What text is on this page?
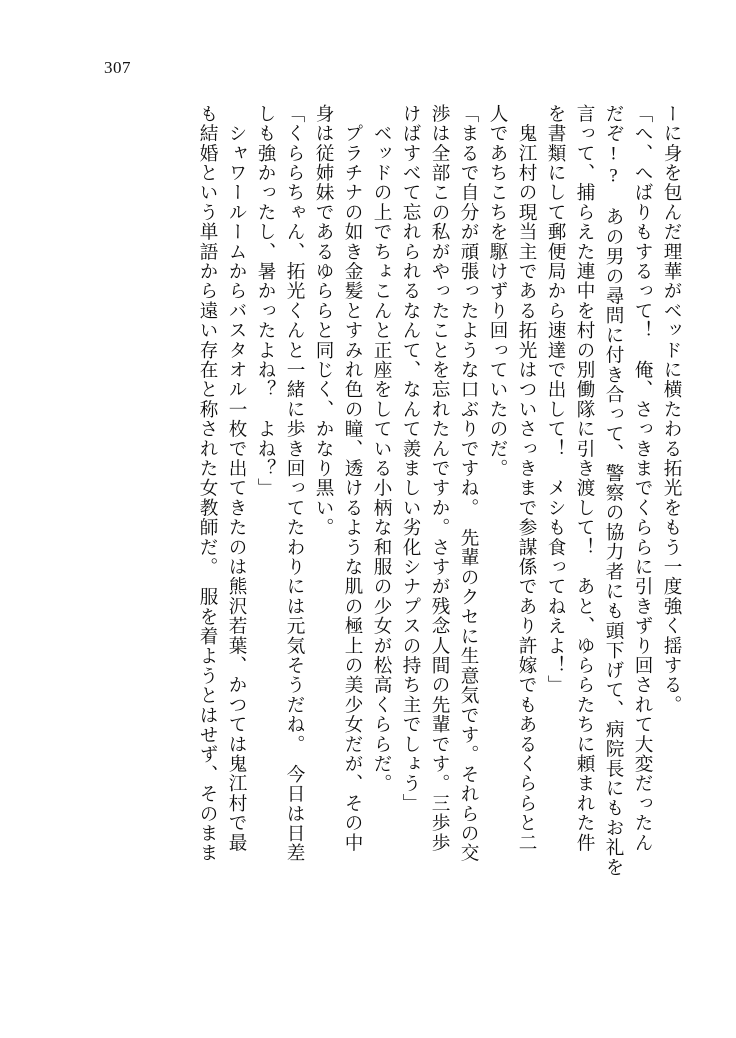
307
ーに身を包んだ理華がベッドに横たわる拓光をもう一度強く揺する。
「へ、へばりもするって！　俺、さっきまでくららに引きずり回されて大変だったん
だぞ!?　あの男の尋問に付き合って、警察の協力者にも頭下げて、病院長にもお礼を
言って、捕らえた連中を村の別働隊に引き渡して！　あと、ゆららたちに頼まれた件
を書類にして郵便局から速達で出して！　メシも食ってねえよ！」
　鬼江村の現当主である拓光はついさっきまで参謀係であり許嫁でもあるくららと二
人であちこちを駆けずり回っていたのだ。
「まるで自分が頑張ったような口ぶりですね。　先輩のクセに生意気です。それらの交
渉は全部この私がやったことを忘れたんですか。さすが残念人間の先輩です。三歩歩
けばすべて忘れられるなんて、なんて羨ましい劣化シナプスの持ち主でしょう」
　ベッドの上でちょこんと正座をしている小柄な和服の少女が松高くららだ。
　プラチナの如き金髪とすみれ色の瞳、透けるような肌の極上の美少女だが、その中
身は従姉妹であるゆららと同じく、かなり黒い。
「くららちゃん、拓光くんと一緒に歩き回ってたわりには元気そうだね。　今日は日差
しも強かったし、暑かったよね？　よね？」
　シャワールームからバスタオル一枚で出てきたのは熊沢若葉、かつては鬼江村で最
も結婚という単語から遠い存在と称された女教師だ。　服を着ようとはせず、そのまま
